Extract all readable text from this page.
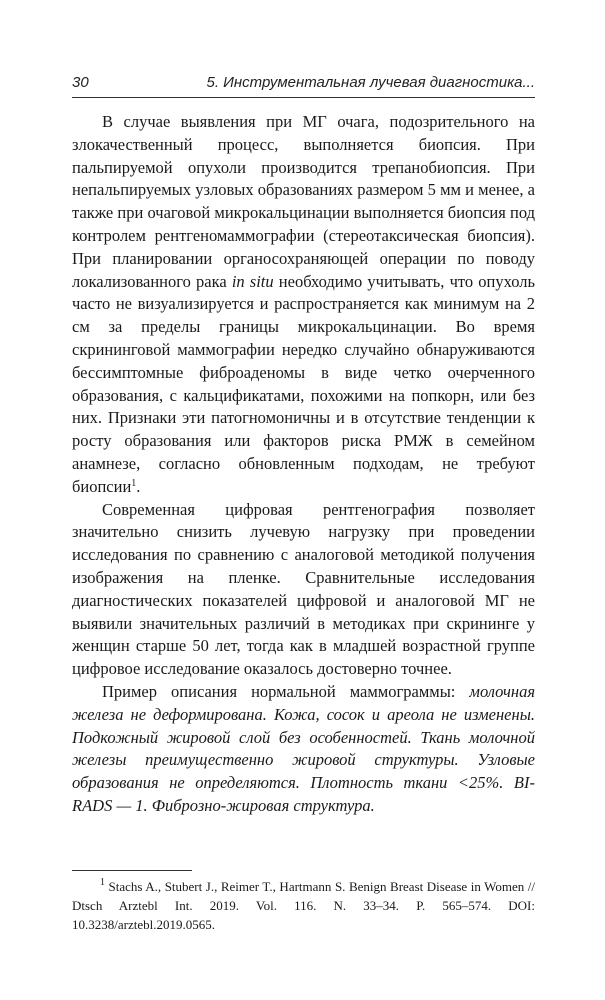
30	5. Инструментальная лучевая диагностика...

В случае выявления при МГ очага, подозрительного на злокачественный процесс, выполняется биопсия. При пальпируемой опухоли производится трепанобиопсия. При непальпируемых узловых образованиях размером 5 мм и менее, а также при очаговой микрокальцинации выполняется биопсия под контролем рентгеномаммографии (стереотаксическая биопсия). При планировании органосохраняющей операции по поводу локализованного рака in situ необходимо учитывать, что опухоль часто не визуализируется и распространяется как минимум на 2 см за пределы границы микрокальцинации. Во время скрининговой маммографии нередко случайно обнаруживаются бессимптомные фиброаденомы в виде четко очерченного образования, с кальцификатами, похожими на попкорн, или без них. Признаки эти патогномоничны и в отсутствие тенденции к росту образования или факторов риска РМЖ в семейном анамнезе, согласно обновленным подходам, не требуют биопсии$^1$.

Современная цифровая рентгенография позволяет значительно снизить лучевую нагрузку при проведении исследования по сравнению с аналоговой методикой получения изображения на пленке. Сравнительные исследования диагностических показателей цифровой и аналоговой МГ не выявили значительных различий в методиках при скрининге у женщин старше 50 лет, тогда как в младшей возрастной группе цифровое исследование оказалось достоверно точнее.

Пример описания нормальной маммограммы: молочная железа не деформирована. Кожа, сосок и ареола не изменены. Подкожный жировой слой без особенностей. Ткань молочной железы преимущественно жировой структуры. Узловые образования не определяются. Плотность ткани <25%. BI-RADS — 1. Фиброзно-жировая структура.

$^1$ Stachs A., Stubert J., Reimer T., Hartmann S. Benign Breast Disease in Women // Dtsch Arztebl Int. 2019. Vol. 116. N. 33–34. P. 565–574. DOI: 10.3238/arztebl.2019.0565.
